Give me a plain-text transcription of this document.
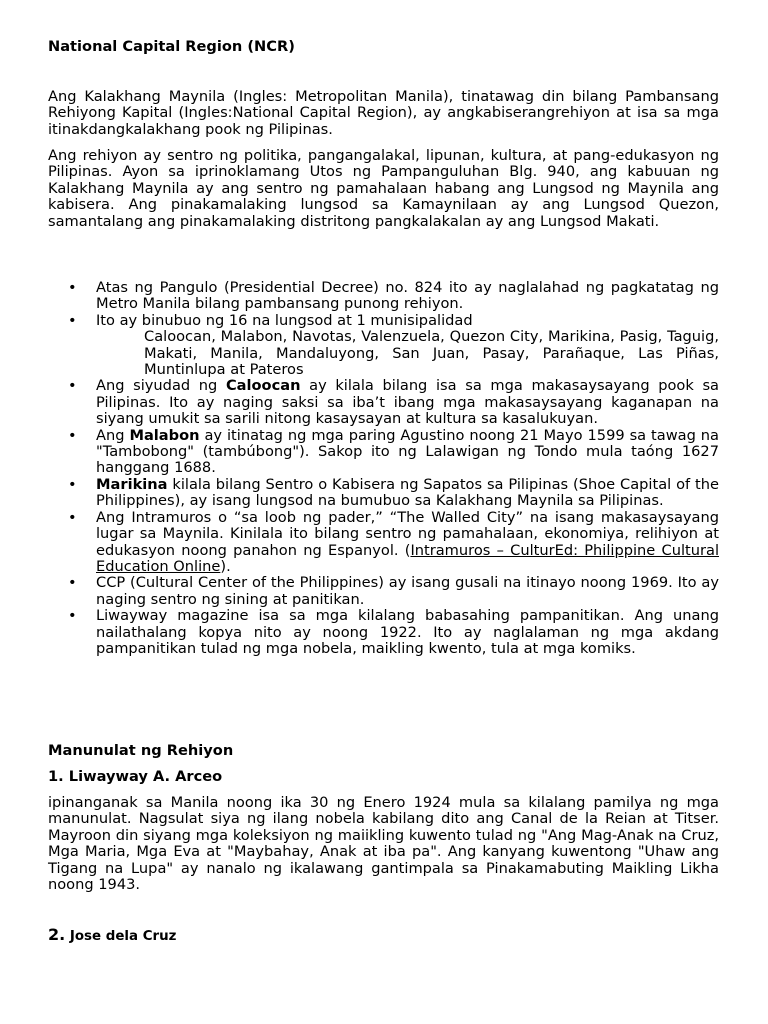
National Capital Region (NCR)

Ang Kalakhang Maynila (Ingles: Metropolitan Manila), tinatawag din bilang Pambansang Rehiyong Kapital (Ingles:National Capital Region), ay angkabiserangrehiyon at isa sa mga itinakdangkalakhang pook ng Pilipinas.

Ang rehiyon ay sentro ng politika, pangangalakal, lipunan, kultura, at pang-edukasyon ng Pilipinas. Ayon sa iprinoklamang Utos ng Pampanguluhan Blg. 940, ang kabuuan ng Kalakhang Maynila ay ang sentro ng pamahalaan habang ang Lungsod ng Maynila ang kabisera. Ang pinakamalaking lungsod sa Kamaynilaan ay ang Lungsod Quezon, samantalang ang pinakamalaking distritong pangkalakalan ay ang Lungsod Makati.

• Atas ng Pangulo (Presidential Decree) no. 824 ito ay naglalahad ng pagkatatag ng Metro Manila bilang pambansang punong rehiyon.
• Ito ay binubuo ng 16 na lungsod at 1 munisipalidad
Caloocan, Malabon, Navotas, Valenzuela, Quezon City, Marikina, Pasig, Taguig, Makati, Manila, Mandaluyong, San Juan, Pasay, Parañaque, Las Piñas, Muntinlupa at Pateros
• Ang siyudad ng Caloocan ay kilala bilang isa sa mga makasaysayang pook sa Pilipinas. Ito ay naging saksi sa iba’t ibang mga makasaysayang kaganapan na siyang umukit sa sarili nitong kasaysayan at kultura sa kasalukuyan.
• Ang Malabon ay itinatag ng mga paring Agustino noong 21 Mayo 1599 sa tawag na "Tambobong" (tambúbong"). Sakop ito ng Lalawigan ng Tondo mula taóng 1627 hanggang 1688.
• Marikina kilala bilang Sentro o Kabisera ng Sapatos sa Pilipinas (Shoe Capital of the Philippines), ay isang lungsod na bumubuo sa Kalakhang Maynila sa Pilipinas.
• Ang Intramuros o “sa loob ng pader,” “The Walled City” na isang makasaysayang lugar sa Maynila. Kinilala ito bilang sentro ng pamahalaan, ekonomiya, relihiyon at edukasyon noong panahon ng Espanyol. (Intramuros – CulturEd: Philippine Cultural Education Online).
• CCP (Cultural Center of the Philippines) ay isang gusali na itinayo noong 1969. Ito ay naging sentro ng sining at panitikan.
• Liwayway magazine isa sa mga kilalang babasahing pampanitikan. Ang unang nailathalang kopya nito ay noong 1922. Ito ay naglalaman ng mga akdang pampanitikan tulad ng mga nobela, maikling kwento, tula at mga komiks.
Manunulat ng Rehiyon
1. Liwayway A. Arceo

ipinanganak sa Manila noong ika 30 ng Enero 1924 mula sa kilalang pamilya ng mga manunulat. Nagsulat siya ng ilang nobela kabilang dito ang Canal de la Reian at Titser. Mayroon din siyang mga koleksiyon ng maiikling kuwento tulad ng "Ang Mag-Anak na Cruz, Mga Maria, Mga Eva at "Maybahay, Anak at iba pa". Ang kanyang kuwentong "Uhaw ang Tigang na Lupa" ay nanalo ng ikalawang gantimpala sa Pinakamabuting Maikling Likha noong 1943.

2. Jose dela Cruz
